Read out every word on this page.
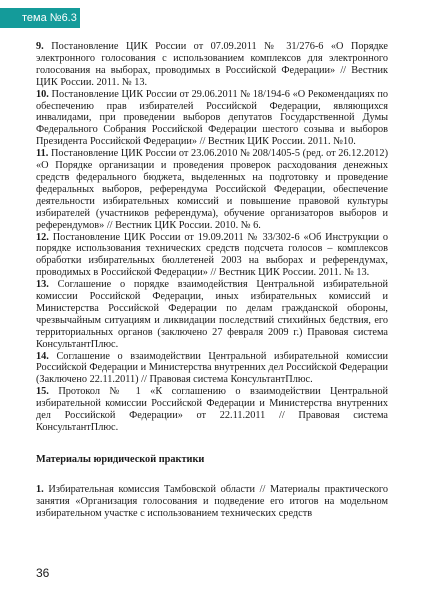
тема №6.3

9. Постановление ЦИК России от 07.09.2011 № 31/276-6 «О Порядке электронного голосования с использованием комплексов для электронного голосования на выборах, проводимых в Российской Федерации» // Вестник ЦИК России. 2011. № 13.

10. Постановление ЦИК России от 29.06.2011 № 18/194-6 «О Рекомендациях по обеспечению прав избирателей Российской Федерации, являющихся инвалидами, при проведении выборов депутатов Государственной Думы Федерального Собрания Российской Федерации шестого созыва и выборов Президента Российской Федерации» // Вестник ЦИК России. 2011. №10.

11. Постановление ЦИК России от 23.06.2010 № 208/1405-5 (ред. от 26.12.2012) «О Порядке организации и проведения проверок расходования денежных средств федерального бюджета, выделенных на подготовку и проведение федеральных выборов, референдума Российской Федерации, обеспечение деятельности избирательных комиссий и повышение правовой культуры избирателей (участников референдума), обучение организаторов выборов и референдумов» // Вестник ЦИК России. 2010. № 6.

12. Постановление ЦИК России от 19.09.2011 № 33/302-6 «Об Инструкции о порядке использования технических средств подсчета голосов – комплексов обработки избирательных бюллетеней 2003 на выборах и референдумах, проводимых в Российской Федерации» // Вестник ЦИК России. 2011. № 13.

13. Соглашение о порядке взаимодействия Центральной избирательной комиссии Российской Федерации, иных избирательных комиссий и Министерства Российской Федерации по делам гражданской обороны, чрезвычайным ситуациям и ликвидации последствий стихийных бедствия, его территориальных органов (заключено 27 февраля 2009 г.) Правовая система КонсультантПлюс.

14. Соглашение о взаимодействии Центральной избирательной комиссии Российской Федерации и Министерства внутренних дел Российской Федерации (Заключено 22.11.2011) // Правовая система КонсультантПлюс.

15. Протокол № 1 «К соглашению о взаимодействии Центральной избирательной комиссии Российской Федерации и Министерства внутренних дел Российской Федерации» от 22.11.2011 // Правовая система КонсультантПлюс.

Материалы юридической практики

1. Избирательная комиссия Тамбовской области // Материалы практического занятия «Организация голосования и подведение его итогов на модельном избирательном участке с использованием технических средств

36
